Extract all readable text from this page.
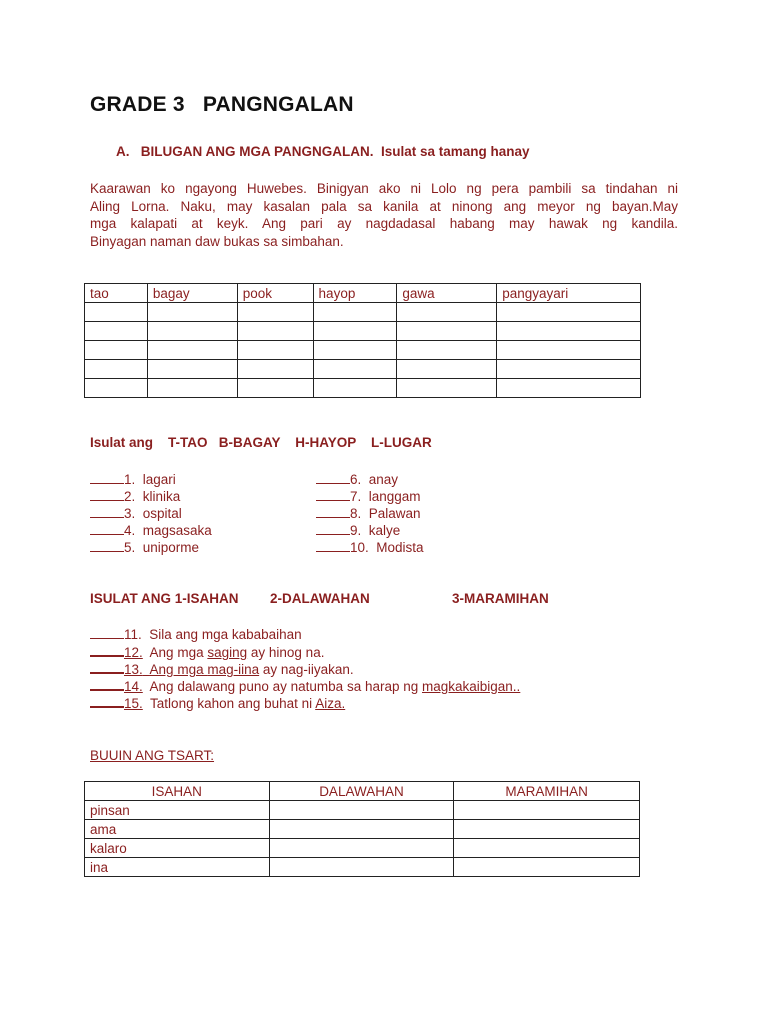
GRADE 3   PANGNGALAN
A.   BILUGAN ANG MGA PANGNGALAN.  Isulat sa tamang hanay
Kaarawan ko ngayong Huwebes. Binigyan ako ni Lolo ng pera pambili sa tindahan ni
Aling Lorna. Naku, may kasalan pala sa kanila at ninong ang meyor ng bayan.May
mga kalapati at keyk. Ang pari ay nagdadasal habang may hawak ng kandila.
Binyagan naman daw bukas sa simbahan.
tao	bagay	pook	hayop	gawa	pangyayari

Isulat ang    T-TAO   B-BAGAY    H-HAYOP    L-LUGAR
1.  lagari
2.  klinika
3.  ospital
4.  magsasaka
5.  uniporme
6.  anay
7.  langgam
8.  Palawan
9.  kalye
10.  Modista
ISULAT ANG 1-ISAHAN 2-DALAWAHAN	3-MARAMIHAN
11. Sila ang mga kababaihan
12. Ang mga saging ay hinog na.
13. Ang mga mag-iina ay nag-iiyakan.
14. Ang dalawang puno ay natumba sa harap ng magkakaibigan..
15. Tatlong kahon ang buhat ni Aiza.
BUUIN ANG TSART:
ISAHAN	DALAWAHAN	MARAMIHAN
pinsan		
ama		
kalaro		
ina		
